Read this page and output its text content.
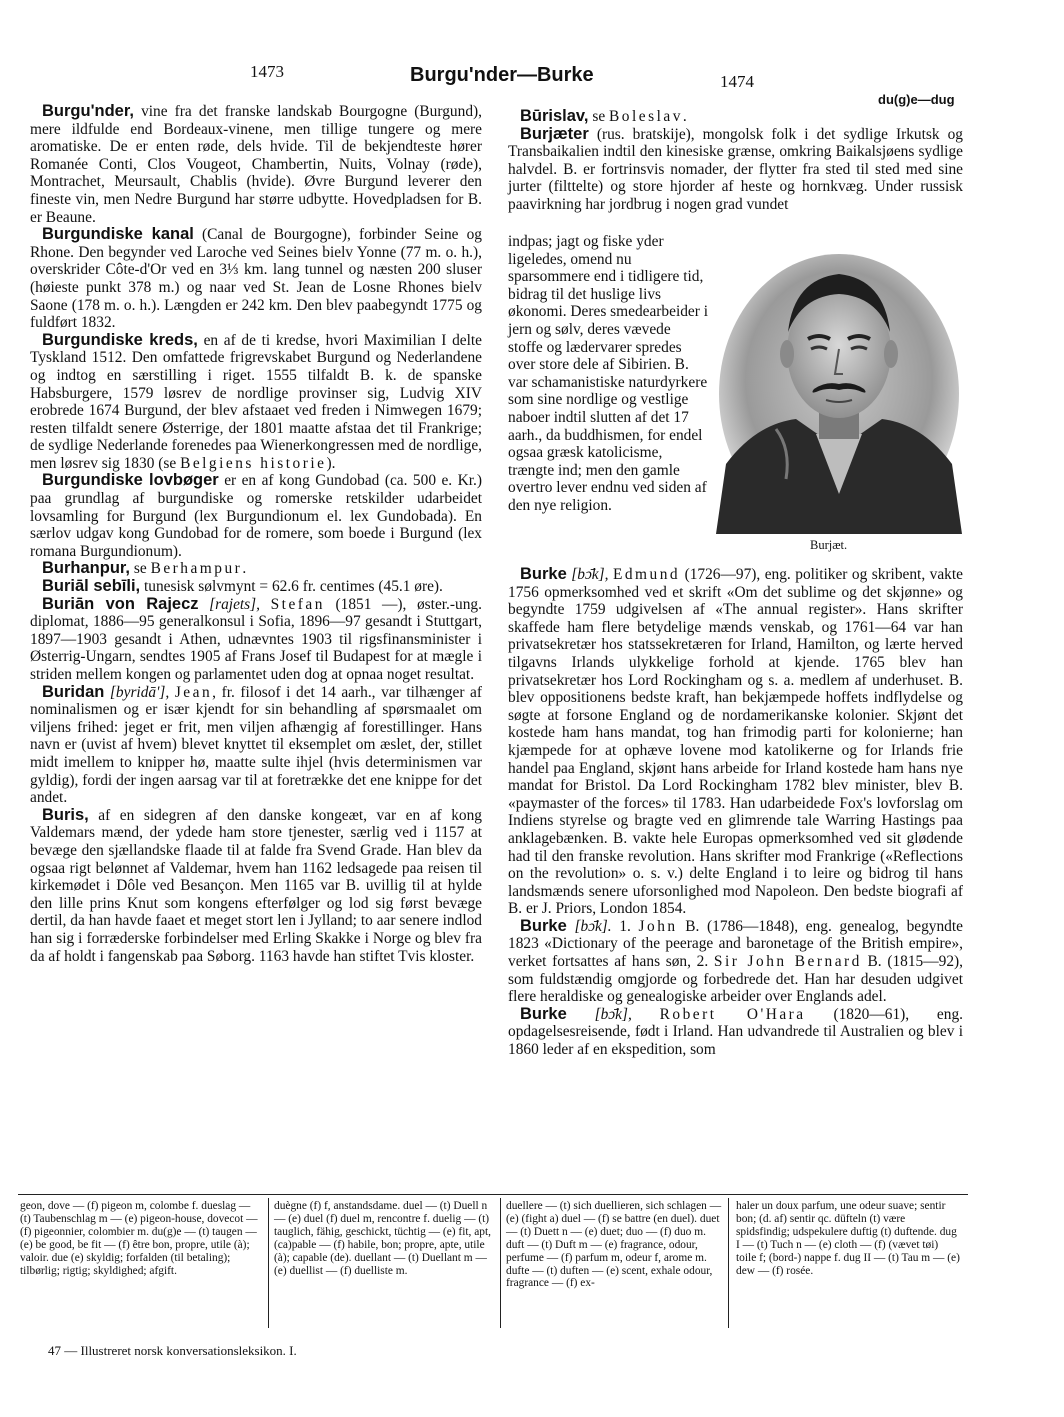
1473	Burgu'nder—Burke	1474
du(g)e—dug

Burgu'nder, vine fra det franske landskab Bourgogne (Burgund), mere ildfulde end Bordeaux-vinene, men tillige tungere og mere aromatiske. De er enten røde, dels hvide. Til de bekjendteste hører Romanée Conti, Clos Vougeot, Chambertin, Nuits, Volnay (røde), Montrachet, Meursault, Chablis (hvide). Øvre Burgund leverer den fineste vin, men Nedre Burgund har større udbytte. Hovedpladsen for B. er Beaune.

Burgundiske kanal (Canal de Bourgogne), forbinder Seine og Rhone. Den begynder ved Laroche ved Seines bielv Yonne (77 m. o. h.), overskrider Côte-d'Or ved en 3⅓ km. lang tunnel og næsten 200 sluser (høieste punkt 378 m.) og naar ved St. Jean de Losne Rhones bielv Saone (178 m. o. h.). Længden er 242 km. Den blev paabegyndt 1775 og fuldført 1832.

Burgundiske kreds, en af de ti kredse, hvori Maximilian I delte Tyskland 1512. Den omfattede frigrevskabet Burgund og Nederlandene og indtog en særstilling i riget. 1555 tilfaldt B. k. de spanske Habsburgere, 1579 løsrev de nordlige provinser sig, Ludvig XIV erobrede 1674 Burgund, der blev afstaaet ved freden i Nimwegen 1679; resten tilfaldt senere Østerrige, der 1801 maatte afstaa det til Frankrige; de sydlige Nederlande forenedes paa Wienerkongressen med de nordlige, men løsrev sig 1830 (se Belgiens historie).

Burgundiske lovbøger er en af kong Gundobad (ca. 500 e. Kr.) paa grundlag af burgundiske og romerske retskilder udarbeidet lovsamling for Burgund (lex Burgundionum el. lex Gundobada). En særlov udgav kong Gundobad for de romere, som boede i Burgund (lex romana Burgundionum).

Burhanpur, se Berhampur.

Buriāl sebīli, tunesisk sølvmynt = 62.6 fr. centimes (45.1 øre).

Buriān von Rajecz [rajets], Stefan (1851 —), øster.-ung. diplomat, 1886—95 generalkonsul i Sofia, 1896—97 gesandt i Stuttgart, 1897—1903 gesandt i Athen, udnævntes 1903 til rigsfinansminister i Østerrig-Ungarn, sendtes 1905 af Frans Josef til Budapest for at mægle i striden mellem kongen og parlamentet uden dog at opnaa noget resultat.

Buridan [byridā'], Jean, fr. filosof i det 14 aarh., var tilhænger af nominalismen og er især kjendt for sin behandling af spørsmaalet om viljens frihed: jeget er frit, men viljen afhængig af forestillinger. Hans navn er (uvist af hvem) blevet knyttet til eksemplet om æslet, der, stillet midt imellem to knipper hø, maatte sulte ihjel (hvis determinismen var gyldig), fordi der ingen aarsag var til at foretrække det ene knippe for det andet.

Buris, af en sidegren af den danske kongeæt, var en af kong Valdemars mænd, der ydede ham store tjenester, særlig ved i 1157 at bevæge den sjællandske flaade til at falde fra Svend Grade. Han blev da ogsaa rigt belønnet af Valdemar, hvem han 1162 ledsagede paa reisen til kirkemødet i Dôle ved Besançon. Men 1165 var B. uvillig til at hylde den lille prins Knut som kongens efterfølger og lod sig først bevæge dertil, da han havde faaet et meget stort len i Jylland; to aar senere indlod han sig i forræderske forbindelser med Erling Skakke i Norge og blev fra da af holdt i fangenskab paa Søborg. 1163 havde han stiftet Tvis kloster.

Būrislav, se Boleslav.

Burjæter (rus. bratskije), mongolsk folk i det sydlige Irkutsk og Transbaikalien indtil den kinesiske grænse, omkring Baikalsjøens sydlige halvdel. B. er fortrinsvis nomader, der flytter fra sted til sted med sine jurter (filttelte) og store hjorder af heste og hornkvæg. Under russisk paavirkning har jordbrug i nogen grad vundet

indpas; jagt og fiske yder ligeledes, omend nu sparsommere end i tidligere tid, bidrag til det huslige livs økonomi. Deres smedearbeider i jern og sølv, deres vævede stoffe og lædervarer spredes over store dele af Sibirien. B. var schamanistiske naturdyrkere som sine nordlige og vestlige naboer indtil slutten af det 17 aarh., da buddhismen, for endel ogsaa græsk katolicisme, trængte ind; men den gamle overtro lever endnu ved siden af den nye religion.
Burjæt.

Burke [bɔ̄k], Edmund (1726—97), eng. politiker og skribent, vakte 1756 opmerksomhed ved et skrift «Om det sublime og det skjønne» og begyndte 1759 udgivelsen af «The annual register». Hans skrifter skaffede ham flere betydelige mænds venskab, og 1761—64 var han privatsekretær hos statssekretæren for Irland, Hamilton, og lærte herved tilgavns Irlands ulykkelige forhold at kjende. 1765 blev han privatsekretær hos Lord Rockingham og s. a. medlem af underhuset. B. blev oppositionens bedste kraft, han bekjæmpede hoffets indflydelse og søgte at forsone England og de nordamerikanske kolonier. Skjønt det kostede ham hans mandat, tog han frimodig parti for kolonierne; han kjæmpede for at ophæve lovene mod katolikerne og for Irlands frie handel paa England, skjønt hans arbeide for Irland kostede ham hans nye mandat for Bristol. Da Lord Rockingham 1782 blev minister, blev B. «paymaster of the forces» til 1783. Han udarbeidede Fox's lovforslag om Indiens styrelse og bragte ved en glimrende tale Warring Hastings paa anklagebænken. B. vakte hele Europas opmerksomhed ved sit glødende had til den franske revolution. Hans skrifter mod Frankrige («Reflections on the revolution» o. s. v.) delte England i to leire og bidrog til hans landsmænds senere uforsonlighed mod Napoleon. Den bedste biografi af B. er J. Priors, London 1854.

Burke [bɔ̄k]. 1. John B. (1786—1848), eng. genealog, begyndte 1823 «Dictionary of the peerage and baronetage of the British empire», verket fortsattes af hans søn, 2. Sir John Bernard B. (1815—92), som fuldstændig omgjorde og forbedrede det. Han har desuden udgivet flere heraldiske og genealogiske arbeider over Englands adel.

Burke [bɔ̄k], Robert O'Hara (1820—61), eng. opdagelsesreisende, født i Irland. Han udvandrede til Australien og blev i 1860 leder af en ekspedition, som

geon, dove — (f) pigeon m, colombe f. dueslag — (t) Taubenschlag m — (e) pigeon-house, dovecot — (f) pigeonnier, colombier m. du(g)e — (t) taugen — (e) be good, be fit — (f) être bon, propre, utile (à); valoir. due (e) skyldig; forfalden (til betaling); tilbørlig; rigtig; skyldighed; afgift.
duègne (f) f, anstandsdame. duel — (t) Duell n — (e) duel (f) duel m, rencontre f. duelig — (t) tauglich, fähig, geschickt, tüchtig — (e) fit, apt, (ca)pable — (f) habile, bon; propre, apte, utile (à); capable (de). duellant — (t) Duellant m — (e) duellist — (f) duelliste m.
duellere — (t) sich duellieren, sich schlagen — (e) (fight a) duel — (f) se battre (en duel). duet — (t) Duett n — (e) duet; duo — (f) duo m. duft — (t) Duft m — (e) fragrance, odour, perfume — (f) parfum m, odeur f, arome m. dufte — (t) duften — (e) scent, exhale odour, fragrance — (f) ex-
haler un doux parfum, une odeur suave; sentir bon; (d. af) sentir qc. düfteln (t) være spidsfindig; udspekulere duftig (t) duftende. dug I — (t) Tuch n — (e) cloth — (f) (vævet tøi) toile f; (bord-) nappe f. dug II — (t) Tau m — (e) dew — (f) rosée.
47 — Illustreret norsk konversationsleksikon. I.
